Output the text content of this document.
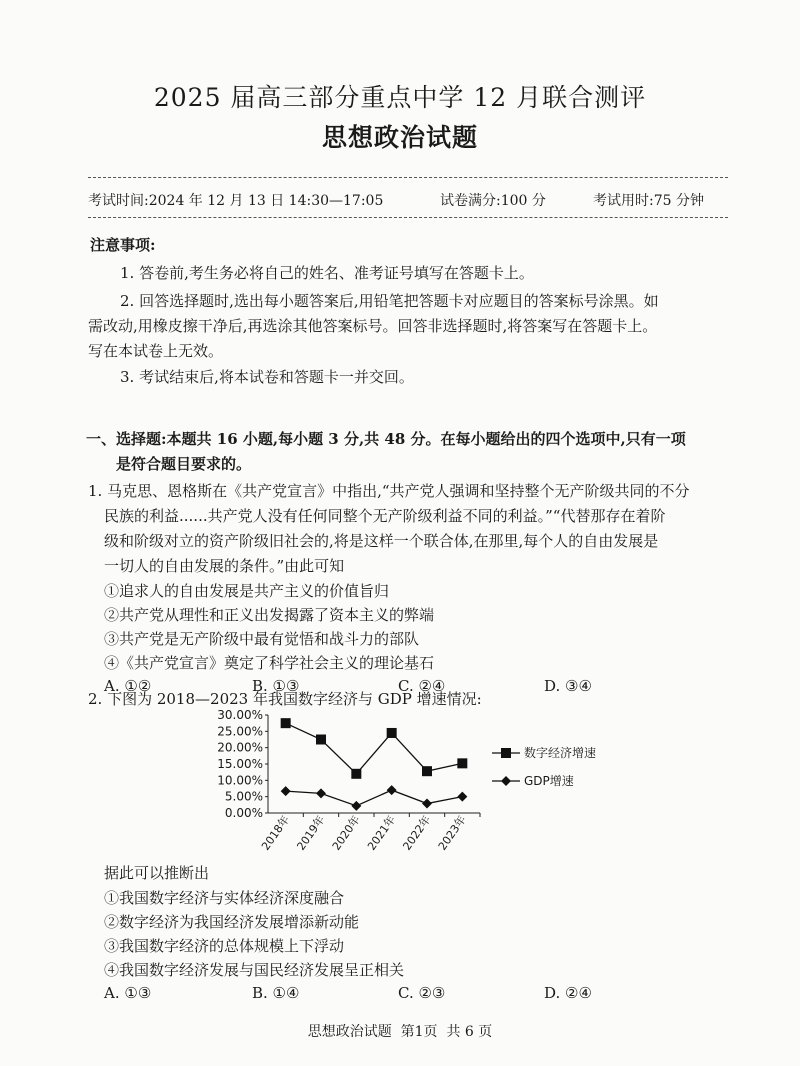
2025 届高三部分重点中学 12 月联合测评
思想政治试题
考试时间:2024 年 12 月 13 日 14:30—17:05	试卷满分:100 分	考试用时:75 分钟
注意事项:
1. 答卷前,考生务必将自己的姓名、准考证号填写在答题卡上。
2. 回答选择题时,选出每小题答案后,用铅笔把答题卡对应题目的答案标号涂黑。如
需改动,用橡皮擦干净后,再选涂其他答案标号。回答非选择题时,将答案写在答题卡上。
写在本试卷上无效。
3. 考试结束后,将本试卷和答题卡一并交回。
一、选择题:本题共 16 小题,每小题 3 分,共 48 分。在每小题给出的四个选项中,只有一项
是符合题目要求的。
1. 马克思、恩格斯在《共产党宣言》中指出,“共产党人强调和坚持整个无产阶级共同的不分
民族的利益......共产党人没有任何同整个无产阶级利益不同的利益。”“代替那存在着阶
级和阶级对立的资产阶级旧社会的,将是这样一个联合体,在那里,每个人的自由发展是
一切人的自由发展的条件。”由此可知
①追求人的自由发展是共产主义的价值旨归
②共产党从理性和正义出发揭露了资本主义的弊端
③共产党是无产阶级中最有觉悟和战斗力的部队
④《共产党宣言》奠定了科学社会主义的理论基石
A. ①②	B. ①③	C. ②④	D. ③④
2. 下图为 2018—2023 年我国数字经济与 GDP 增速情况:
0.00%
5.00%
10.00%
15.00%
20.00%
25.00%
30.00%
2018年 2019年 2020年 2021年 2022年 2023年
数字经济增速
GDP增速
据此可以推断出
①我国数字经济与实体经济深度融合
②数字经济为我国经济发展增添新动能
③我国数字经济的总体规模上下浮动
④我国数字经济发展与国民经济发展呈正相关
A. ①③	B. ①④	C. ②③	D. ②④
思想政治试题  第1页  共 6 页
